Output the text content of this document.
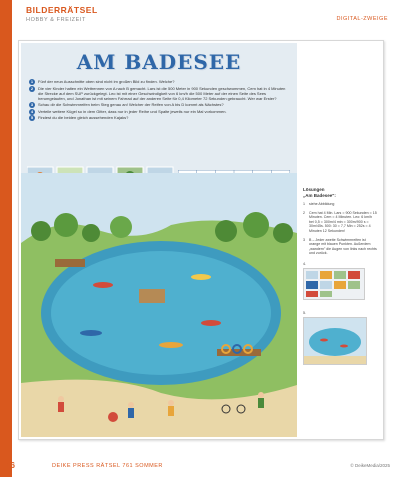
BILDERRÄTSEL
HOBBY & FREIZEIT	DIGITAL-ZWEIGE
AM BADESEE
1	Fünf der neun Ausschnitte oben sind nicht im großen Bild zu finden. Welche?
2	Die vier Kinder halten ein Wettrennen von A nach B gemacht. Lars ist die 500 Meter in 900 Sekunden geschwommen, Cem hat in 4 Minuten die Strecke auf dem SUP zurückgelegt. Leo ist mit einer Geschwindigkeit von 6 km/h die 500 Meter auf der einen Seite des Sees herumgelaufen, und Jonathan ist mit seinem Fahrrad auf der anderen Seite für 0,4 Kilometer 72 Sekunden gebraucht. Wer war Erster?
3	Schau dir die Schwimmreifen beim Steg genau an! Welcher der Reifen von A bis D kommt als Nächstes?
4	Verteile weitere Kügel so in dem Gitter, dass nur in jeder Reihe und Spalte jeweils nur ein Mal vorkommen.
5	Findest du die beiden gleich aussehenden Kajaks?
Lösungen
„Am Badesee":
1 siehe Abbildung
2 Cem hat 4 Min. Lars = 900 Sekunden = 15 Minuten. Cem = 4 Minuten. Leo: 6 km/h bei 0,5 = 300m/4 min = 300m/900 s = 30m/45s. 500: 30 = 7,7 Min = 252s = 4 Minuten 12 Sekunden!
3 B – Jeder zweite Schwimmreifen ist orange mit blauen Punkten. Außerdem „wandern" die Augen von links nach rechts und zurück.
4.
5.
16	DEIKE PRESS RÄTSEL 761 SOMMER	© DeikeMedia/2025
